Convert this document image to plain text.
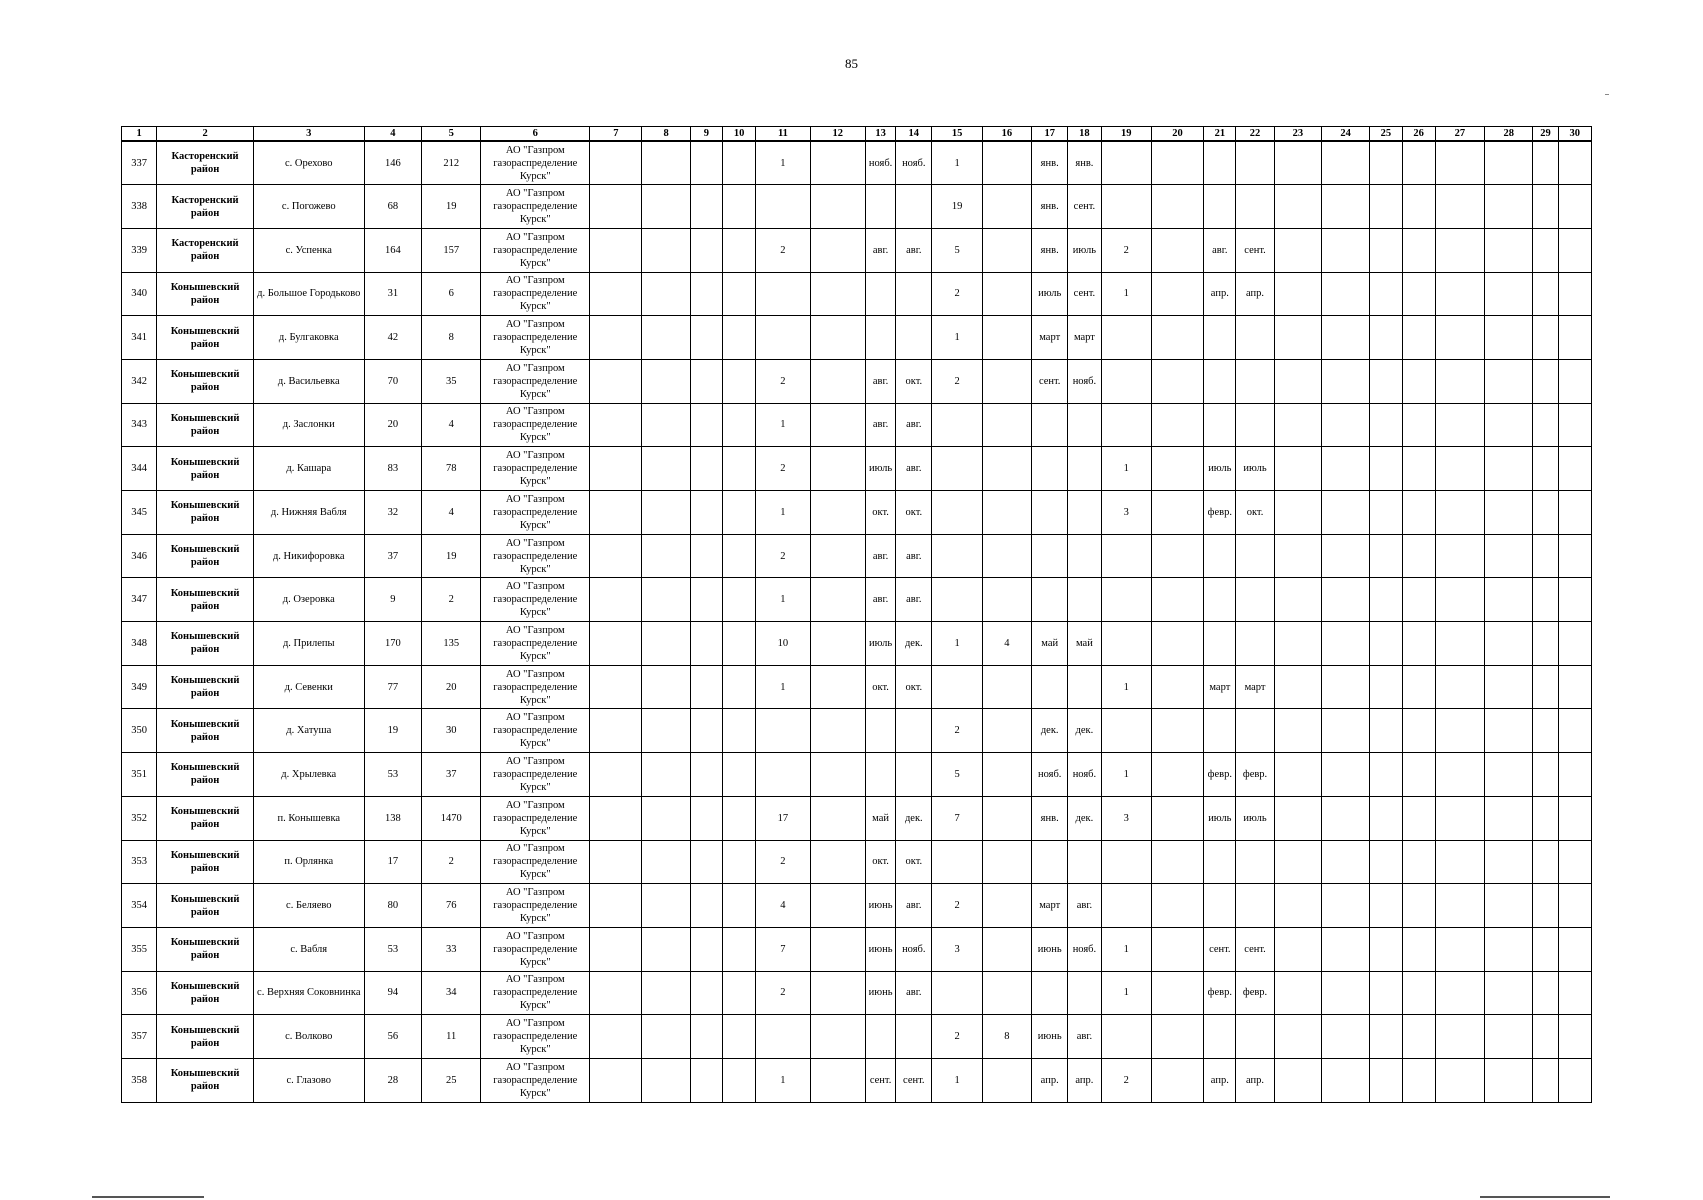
85
1	2	3	4	5	6	7	8	9	10	11	12	13	14	15	16	17	18	19	20	21	22	23	24	25	26	27	28	29	30
337	Касторенский район	с. Орехово	146	212	АО "Газпром газораспределение Курск"					1		нояб.	нояб.	1		янв.	янв.												
338	Касторенский район	с. Погожево	68	19	АО "Газпром газораспределение Курск"									19		янв.	сент.												
339	Касторенский район	с. Успенка	164	157	АО "Газпром газораспределение Курск"					2		авг.	авг.	5		янв.	июль	2		авг.	сент.								
340	Конышевский район	д. Большое Городьково	31	6	АО "Газпром газораспределение Курск"									2		июль	сент.	1		апр.	апр.								
341	Конышевский район	д. Булгаковка	42	8	АО "Газпром газораспределение Курск"									1		март	март												
342	Конышевский район	д. Васильевка	70	35	АО "Газпром газораспределение Курск"					2		авг.	окт.	2		сент.	нояб.												
343	Конышевский район	д. Заслонки	20	4	АО "Газпром газораспределение Курск"					1		авг.	авг.																
344	Конышевский район	д. Кашара	83	78	АО "Газпром газораспределение Курск"					2		июль	авг.					1		июль	июль								
345	Конышевский район	д. Нижняя Вабля	32	4	АО "Газпром газораспределение Курск"					1		окт.	окт.					3		февр.	окт.								
346	Конышевский район	д. Никифоровка	37	19	АО "Газпром газораспределение Курск"					2		авг.	авг.																
347	Конышевский район	д. Озеровка	9	2	АО "Газпром газораспределение Курск"					1		авг.	авг.																
348	Конышевский район	д. Прилепы	170	135	АО "Газпром газораспределение Курск"					10		июль	дек.	1	4	май	май												
349	Конышевский район	д. Севенки	77	20	АО "Газпром газораспределение Курск"					1		окт.	окт.					1		март	март								
350	Конышевский район	д. Хатуша	19	30	АО "Газпром газораспределение Курск"									2		дек.	дек.												
351	Конышевский район	д. Хрылевка	53	37	АО "Газпром газораспределение Курск"									5		нояб.	нояб.	1		февр.	февр.								
352	Конышевский район	п. Конышевка	138	1470	АО "Газпром газораспределение Курск"					17		май	дек.	7		янв.	дек.	3		июль	июль								
353	Конышевский район	п. Орлянка	17	2	АО "Газпром газораспределение Курск"					2		окт.	окт.																
354	Конышевский район	с. Беляево	80	76	АО "Газпром газораспределение Курск"					4		июнь	авг.	2		март	авг.												
355	Конышевский район	с. Вабля	53	33	АО "Газпром газораспределение Курск"					7		июнь	нояб.	3		июнь	нояб.	1		сент.	сент.								
356	Конышевский район	с. Верхняя Соковнинка	94	34	АО "Газпром газораспределение Курск"					2		июнь	авг.					1		февр.	февр.								
357	Конышевский район	с. Волково	56	11	АО "Газпром газораспределение Курск"									2	8	июнь	авг.												
358	Конышевский район	с. Глазово	28	25	АО "Газпром газораспределение Курск"					1		сент.	сент.	1		апр.	апр.	2		апр.	апр.								
